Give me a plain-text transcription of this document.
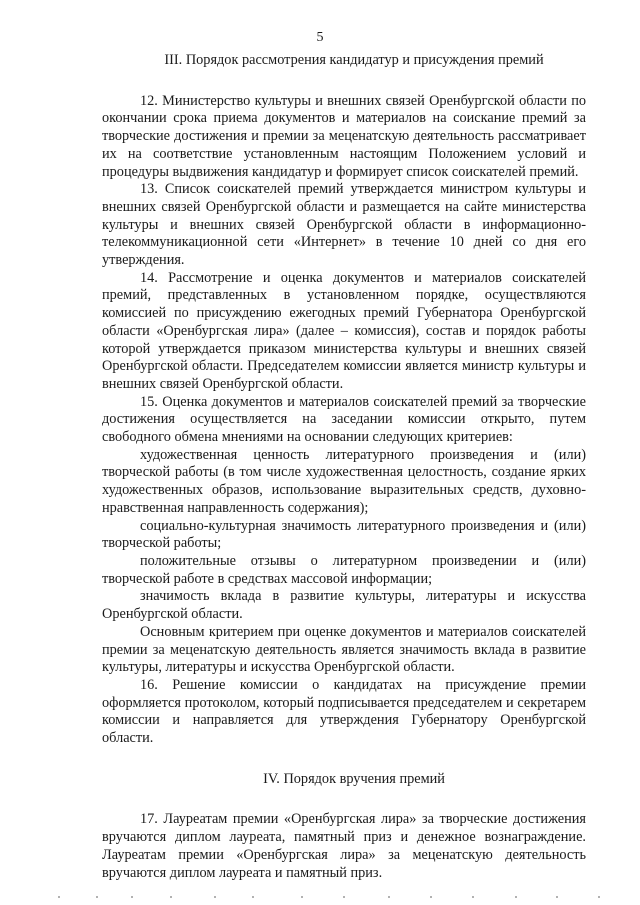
5
III. Порядок рассмотрения кандидатур и присуждения премий

12. Министерство культуры и внешних связей Оренбургской области по окончании срока приема документов и материалов на соискание премий за творческие достижения и премии за меценатскую деятельность рассматривает их на соответствие установленным настоящим Положением условий и процедуры выдвижения кандидатур и формирует список соискателей премий.

13. Список соискателей премий утверждается министром культуры и внешних связей Оренбургской области и размещается на сайте министерства культуры и внешних связей Оренбургской области в информационно-телекоммуникационной сети «Интернет» в течение 10 дней со дня его утверждения.

14. Рассмотрение и оценка документов и материалов соискателей премий, представленных в установленном порядке, осуществляются комиссией по присуждению ежегодных премий Губернатора Оренбургской области «Оренбургская лира» (далее – комиссия), состав и порядок работы которой утверждается приказом министерства культуры и внешних связей Оренбургской области. Председателем комиссии является министр культуры и внешних связей Оренбургской области.

15. Оценка документов и материалов соискателей премий за творческие достижения осуществляется на заседании комиссии открыто, путем свободного обмена мнениями на основании следующих критериев:

художественная ценность литературного произведения и (или) творческой работы (в том числе художественная целостность, создание ярких художественных образов, использование выразительных средств, духовно-нравственная направленность содержания);

социально-культурная значимость литературного произведения и (или) творческой работы;

положительные отзывы о литературном произведении и (или) творческой работе в средствах массовой информации;

значимость вклада в развитие культуры, литературы и искусства Оренбургской области.

Основным критерием при оценке документов и материалов соискателей премии за меценатскую деятельность является значимость вклада в развитие культуры, литературы и искусства Оренбургской области.

16. Решение комиссии о кандидатах на присуждение премии оформляется протоколом, который подписывается председателем и секретарем комиссии и направляется для утверждения Губернатору Оренбургской области.

IV. Порядок вручения премий

17. Лауреатам премии «Оренбургская лира» за творческие достижения вручаются диплом лауреата, памятный приз и денежное вознаграждение. Лауреатам премии «Оренбургская лира» за меценатскую деятельность вручаются диплом лауреата и памятный приз.
